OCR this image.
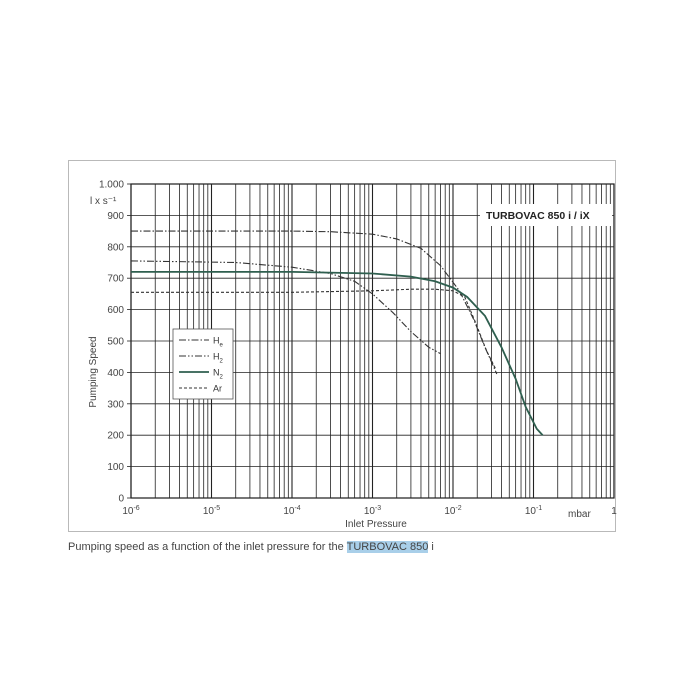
0
100
200
300
400
500
600
700
800
900
1.000
$10^{-6}$	$10^{-5}$	$10^{-4}$	$10^{-3}$	$10^{-2}$	$10^{-1}$	1
l x s⁻¹
Pumping Speed
Inlet Pressure
mbar
TURBOVAC 850 i / iX
$H_e$
$H_2$
$N_2$
Ar
Pumping speed as a function of the inlet pressure for the TURBOVAC 850 i
